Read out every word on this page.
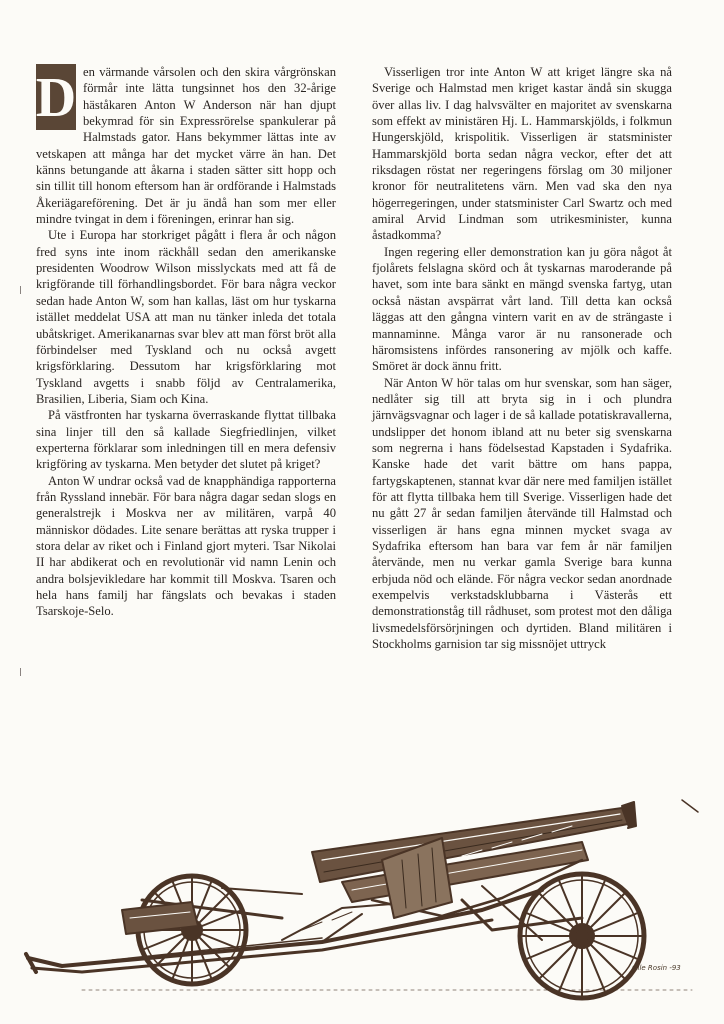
D en värmande vårsolen och den skira vårgrönskan förmår inte lätta tungsinnet hos den 32-årige häståkaren Anton W Anderson när han djupt bekymrad för sin Expressrörelse spankulerar på Halmstads gator. Hans bekymmer lättas inte av vetskapen att många har det mycket värre än han. Det känns betungande att åkarna i staden sätter sitt hopp och sin tillit till honom eftersom han är ordförande i Halmstads Åkeriägareförening. Det är ju ändå han som mer eller mindre tvingat in dem i föreningen, erinrar han sig.

Ute i Europa har storkriget pågått i flera år och någon fred syns inte inom räckhåll sedan den amerikanske presidenten Woodrow Wilson misslyckats med att få de krigförande till förhandlingsbordet. För bara några veckor sedan hade Anton W, som han kallas, läst om hur tyskarna istället meddelat USA att man nu tänker inleda det totala ubåtskriget. Amerikanarnas svar blev att man först bröt alla förbindelser med Tyskland och nu också avgett krigsförklaring. Dessutom har krigsförklaring mot Tyskland avgetts i snabb följd av Centralamerika, Brasilien, Liberia, Siam och Kina.

På västfronten har tyskarna överraskande flyttat tillbaka sina linjer till den så kallade Siegfriedlinjen, vilket experterna förklarar som inledningen till en mera defensiv krigföring av tyskarna. Men betyder det slutet på kriget?

Anton W undrar också vad de knapphändiga rapporterna från Ryssland innebär. För bara några dagar sedan slogs en generalstrejk i Moskva ner av militären, varpå 40 människor dödades. Lite senare berättas att ryska trupper i stora delar av riket och i Finland gjort myteri. Tsar Nikolai II har abdikerat och en revolutionär vid namn Lenin och andra bolsjevikledare har kommit till Moskva. Tsaren och hela hans familj har fängslats och bevakas i staden Tsarskoje-Selo.

Visserligen tror inte Anton W att kriget längre ska nå Sverige och Halmstad men kriget kastar ändå sin skugga över allas liv. I dag halvsvälter en majoritet av svenskarna som effekt av ministären Hj. L. Hammarskjölds, i folkmun Hungerskjöld, krispolitik. Visserligen är statsminister Hammarskjöld borta sedan några veckor, efter det att riksdagen röstat ner regeringens förslag om 30 miljoner kronor för neutralitetens värn. Men vad ska den nya högerregeringen, under statsminister Carl Swartz och med amiral Arvid Lindman som utrikesminister, kunna åstadkomma?

Ingen regering eller demonstration kan ju göra något åt fjolårets felslagna skörd och åt tyskarnas maroderande på havet, som inte bara sänkt en mängd svenska fartyg, utan också nästan avspärrat vårt land. Till detta kan också läggas att den gångna vintern varit en av de strängaste i mannaminne. Många varor är nu ransonerade och häromsistens infördes ransonering av mjölk och kaffe. Smöret är dock ännu fritt.

När Anton W hör talas om hur svenskar, som han säger, nedlåter sig till att bryta sig in i och plundra järnvägsvagnar och lager i de så kallade potatiskravallerna, undslipper det honom ibland att nu beter sig svenskarna som negrerna i hans födelsestad Kapstaden i Sydafrika. Kanske hade det varit bättre om hans pappa, fartygskaptenen, stannat kvar där nere med familjen istället för att flytta tillbaka hem till Sverige. Visserligen hade det nu gått 27 år sedan familjen återvände till Halmstad och visserligen är hans egna minnen mycket svaga av Sydafrika eftersom han bara var fem år när familjen återvände, men nu verkar gamla Sverige bara kunna erbjuda nöd och elände. För några veckor sedan anordnade exempelvis verkstadsklubbarna i Västerås ett demonstrationståg till rådhuset, som protest mot den dåliga livsmedelsförsörjningen och dyrtiden. Bland militären i Stockholms garnision tar sig missnöjet uttryck

Olle Rosin -93
